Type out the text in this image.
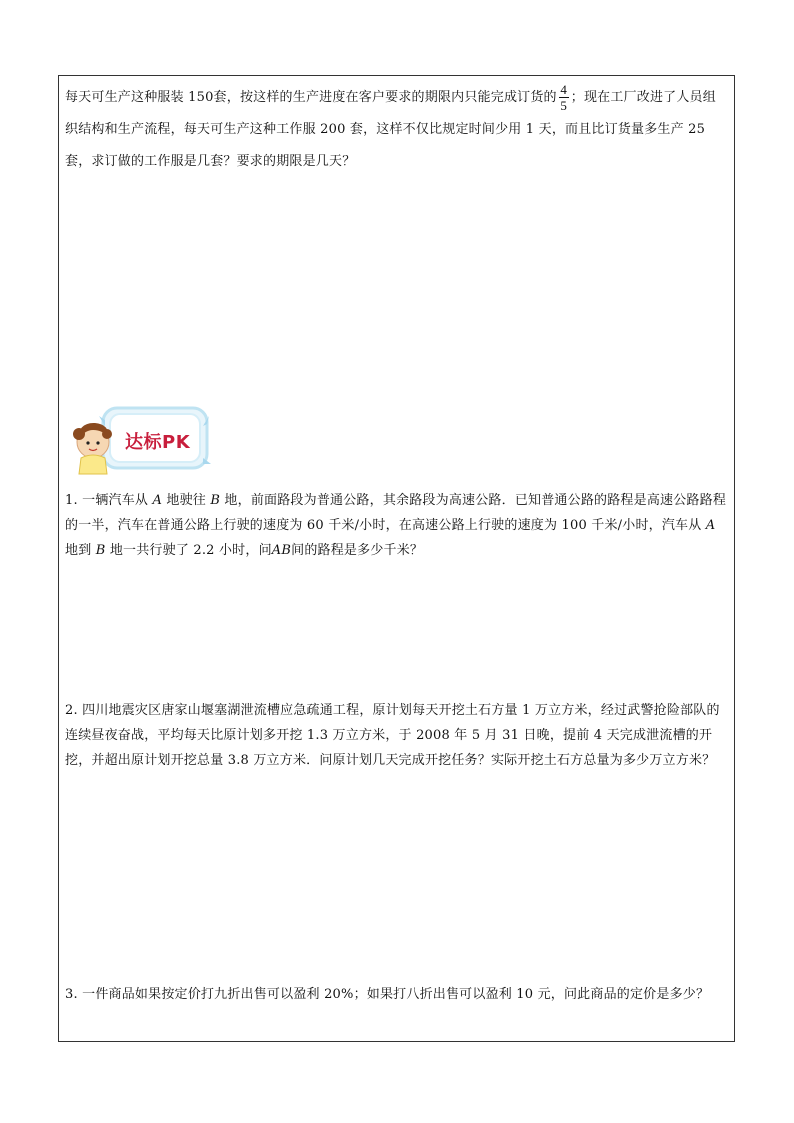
每天可生产这种服装 150套，按这样的生产进度在客户要求的期限内只能完成订货的 $\frac{4}{5}$ ；现在工厂改进了人员组织结构和生产流程，每天可生产这种工作服 200 套，这样不仅比规定时间少用 1 天，而且比订货量多生产 25套，求订做的工作服是几套？要求的期限是几天？
达标PK
1. 一辆汽车从 A 地驶往 B 地，前面路段为普通公路，其余路段为高速公路．已知普通公路的路程是高速公路路程的一半，汽车在普通公路上行驶的速度为 60 千米/小时，在高速公路上行驶的速度为 100 千米/小时，汽车从 A 地到 B 地一共行驶了 2.2 小时，问AB间的路程是多少千米？
2. 四川地震灾区唐家山堰塞湖泄流槽应急疏通工程，原计划每天开挖土石方量 1 万立方米，经过武警抢险部队的连续昼夜奋战，平均每天比原计划多开挖 1.3 万立方米，于 2008 年 5 月 31 日晚，提前 4 天完成泄流槽的开挖，并超出原计划开挖总量 3.8 万立方米．问原计划几天完成开挖任务？实际开挖土石方总量为多少万立方米？
3. 一件商品如果按定价打九折出售可以盈利 20%；如果打八折出售可以盈利 10 元，问此商品的定价是多少？
